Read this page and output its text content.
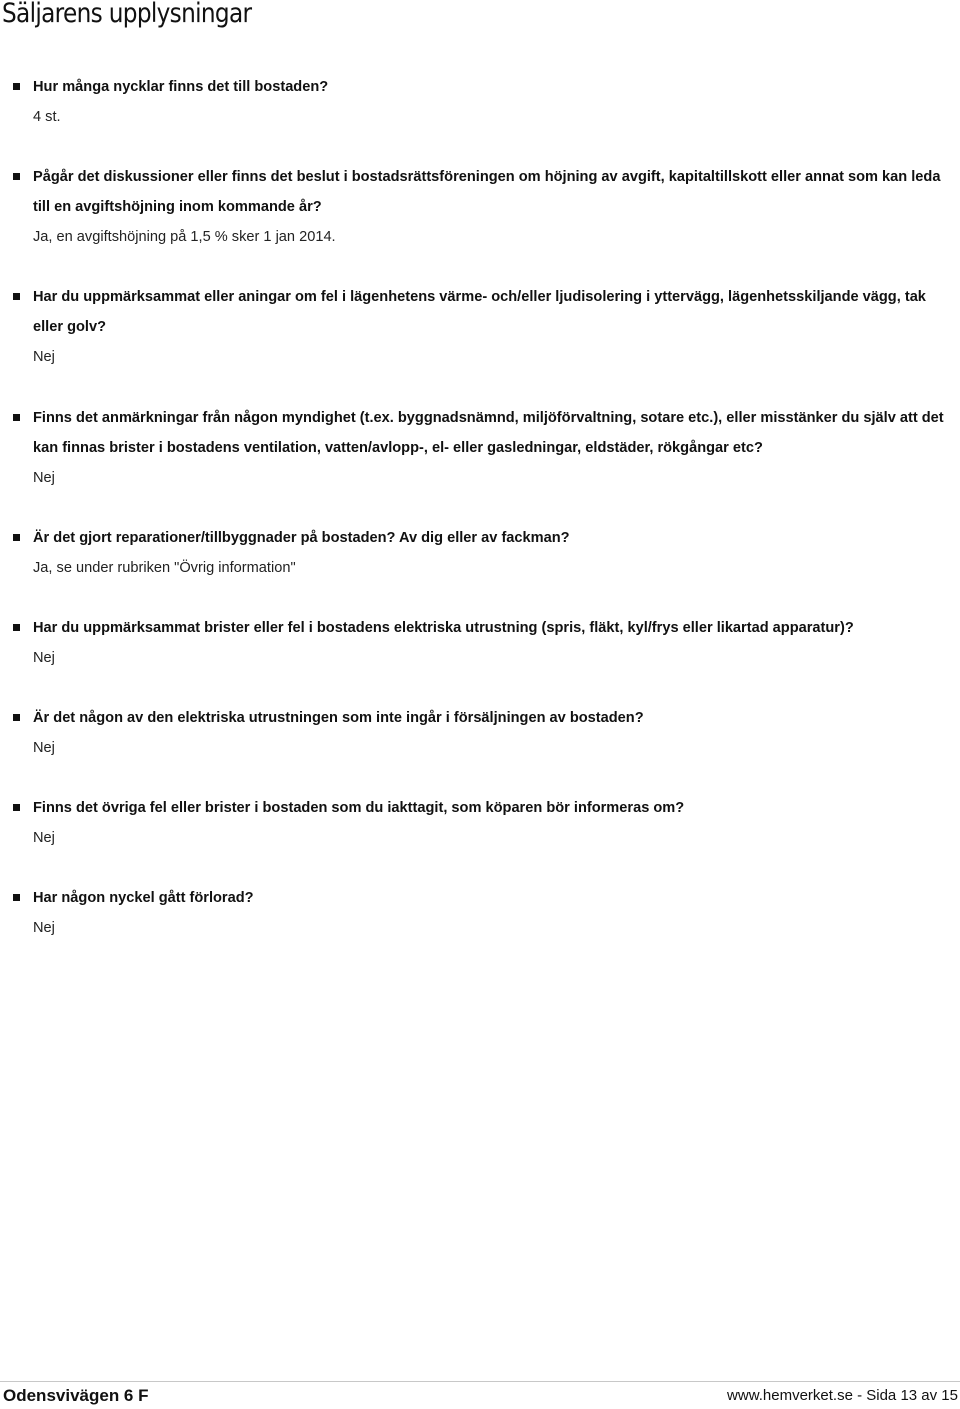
Säljarens upplysningar
Hur många nycklar finns det till bostaden?
4 st.
Pågår det diskussioner eller finns det beslut i bostadsrättsföreningen om höjning av avgift, kapitaltillskott eller annat som kan leda till en avgiftshöjning inom kommande år?
Ja, en avgiftshöjning på 1,5 % sker 1 jan 2014.
Har du uppmärksammat eller aningar om fel i lägenhetens värme- och/eller ljudisolering i yttervägg, lägenhetsskiljande vägg, tak eller golv?
Nej
Finns det anmärkningar från någon myndighet (t.ex. byggnadsnämnd, miljöförvaltning, sotare etc.), eller misstänker du själv att det kan finnas brister i bostadens ventilation, vatten/avlopp-, el- eller gasledningar, eldstäder, rökgångar etc?
Nej
Är det gjort reparationer/tillbyggnader på bostaden? Av dig eller av fackman?
Ja, se under rubriken "Övrig information"
Har du uppmärksammat brister eller fel i bostadens elektriska utrustning (spris, fläkt, kyl/frys eller likartad apparatur)?
Nej
Är det någon av den elektriska utrustningen som inte ingår i försäljningen av bostaden?
Nej
Finns det övriga fel eller brister i bostaden som du iakttagit, som köparen bör informeras om?
Nej
Har någon nyckel gått förlorad?
Nej
Odensvivägen 6 F	www.hemverket.se - Sida 13 av 15
